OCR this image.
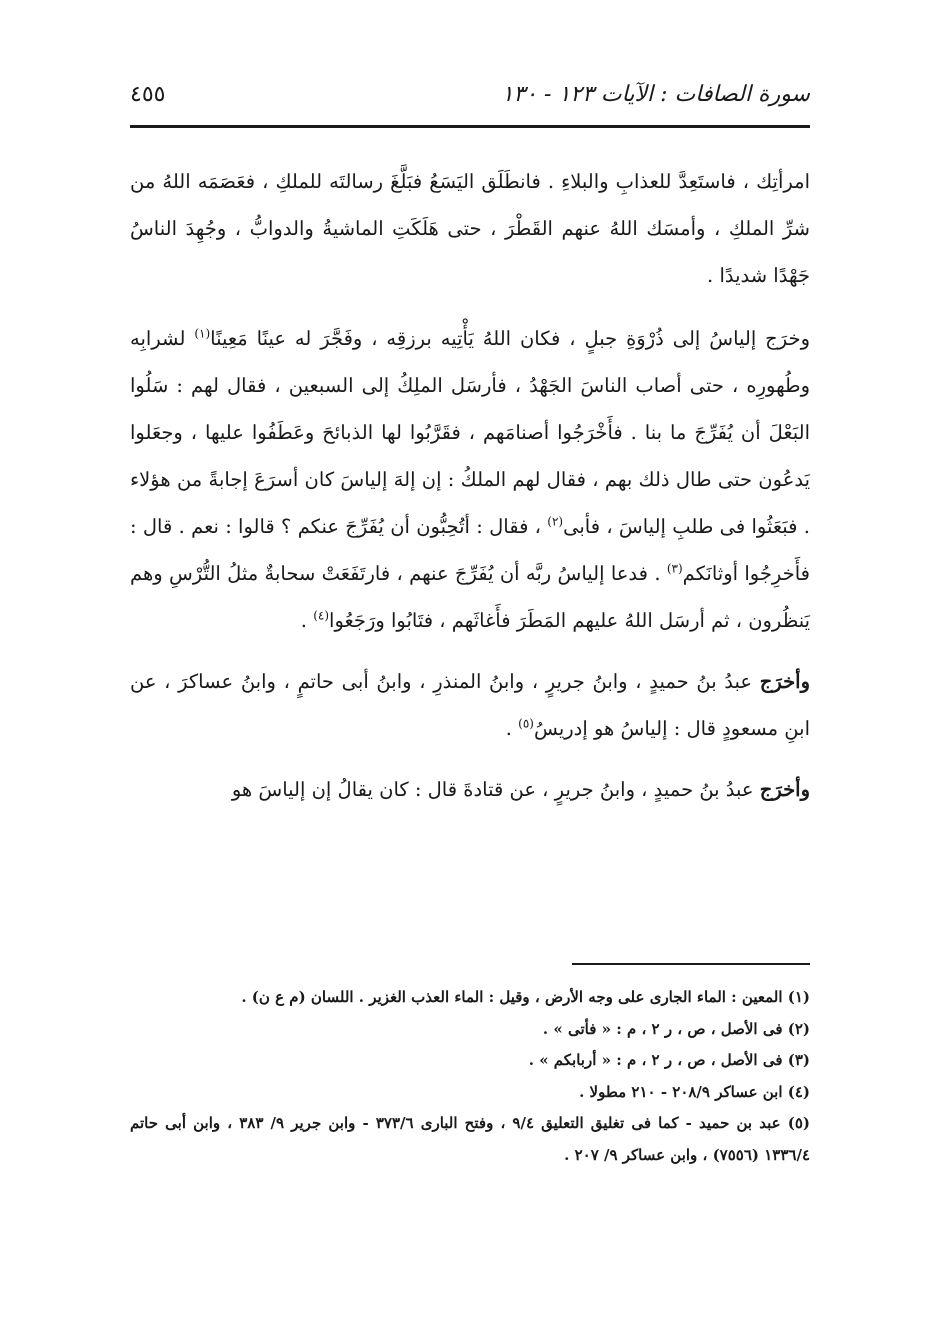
سورة الصافات : الآيات ١٢٣ - ١٣٠
٤٥٥

امرأتِك ، فاستَعِدَّ للعذابِ والبلاءِ . فانطَلَق اليَسَعُ فبَلَّغَ رسالتَه للملكِ ، فعَصَمَه اللهُ من شرِّ الملكِ ، وأمسَك اللهُ عنهم القَطْرَ ، حتى هَلَكَتِ الماشيةُ والدوابُّ ، وجُهِدَ الناسُ جَهْدًا شديدًا .

وخرَج إلياسُ إلى ذُرْوَةِ جبلٍ ، فكان اللهُ يَأْتِيه برزقِه ، وفَجَّرَ له عينًا مَعِينًا$^{(١)}$ لشرابِه وطُهورِه ، حتى أصاب الناسَ الجَهْدُ ، فأرسَل الملِكُ إلى السبعين ، فقال لهم : سَلُوا البَعْلَ أن يُفَرِّجَ ما بنا . فأَخْرَجُوا أصنامَهم ، فقَرَّبُوا لها الذبائحَ وعَطَفُوا عليها ، وجعَلوا يَدعُون حتى طال ذلك بهم ، فقال لهم الملكُ : إن إلهَ إلياسَ كان أسرَعَ إجابةً من هؤلاء . فبَعَثُوا فى طلبِ إلياسَ ، فأبى$^{(٢)}$ ، فقال : أتُحِبُّون أن يُفَرِّجَ عنكم ؟ قالوا : نعم . قال : فأَخرِجُوا أوثانَكم$^{(٣)}$ . فدعا إلياسُ ربَّه أن يُفَرِّجَ عنهم ، فارتَفَعَتْ سحابةٌ مثلُ التُّرْسِ وهم يَنظُرون ، ثم أرسَل اللهُ عليهم المَطَرَ فأَغاثَهم ، فتَابُوا ورَجَعُوا$^{(٤)}$ .

وأخرَج عبدُ بنُ حميدٍ ، وابنُ جريرٍ ، وابنُ المنذرِ ، وابنُ أبى حاتمٍ ، وابنُ عساكرَ ، عن ابنِ مسعودٍ قال : إلياسُ هو إدريسُ$^{(٥)}$ .

وأخرَج عبدُ بنُ حميدٍ ، وابنُ جريرٍ ، عن قتادةَ قال : كان يقالُ إن إلياسَ هو

(١) المعين : الماء الجارى على وجه الأرض ، وقيل : الماء العذب الغزير . اللسان (م ع ن) .

(٢) فى الأصل ، ص ، ر ٢ ، م : « فأتى » .

(٣) فى الأصل ، ص ، ر ٢ ، م : « أربابكم » .

(٤) ابن عساكر ٢٠٨/٩ - ٢١٠ مطولا .

(٥) عبد بن حميد - كما فى تغليق التعليق ٩/٤ ، وفتح البارى ٣٧٣/٦ - وابن جرير ٩/ ٣٨٣ ، وابن أبى حاتم ١٣٣٦/٤ (٧٥٥٦) ، وابن عساكر ٩/ ٢٠٧ .
